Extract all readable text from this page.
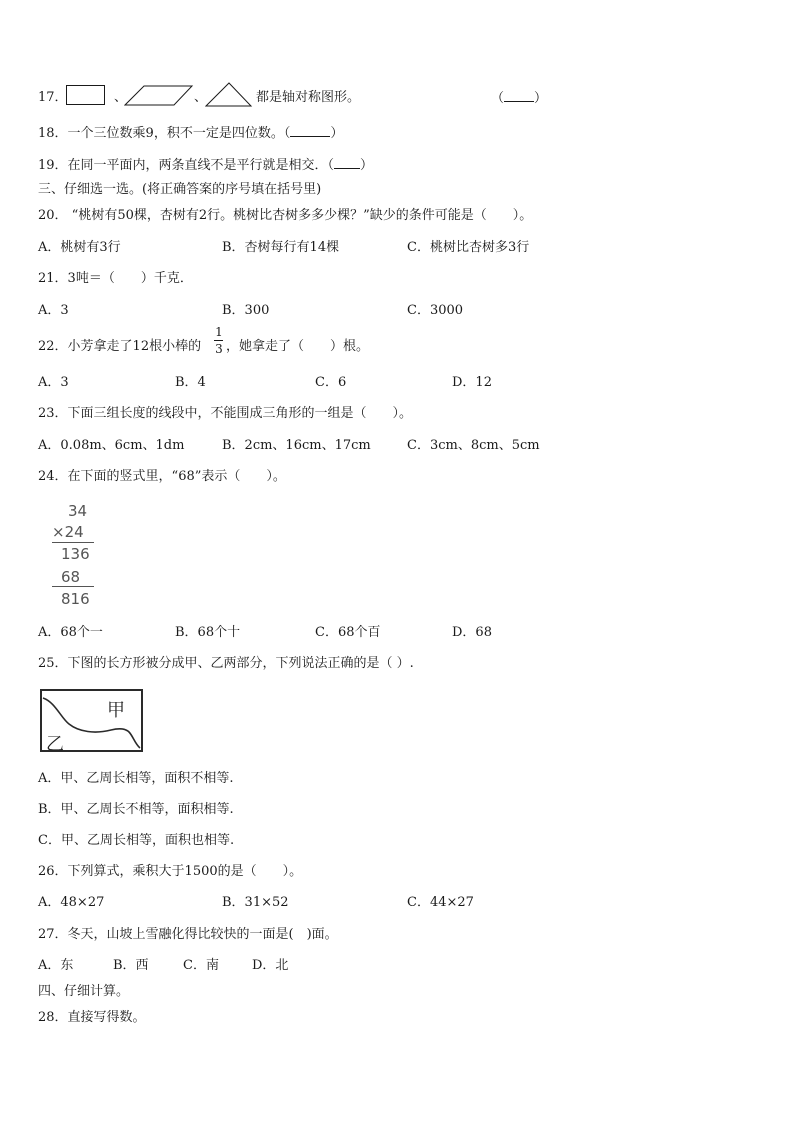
17．	、	、	都是轴对称图形。	（ ）
18．一个三位数乘9，积不一定是四位数。（	）
19．在同一平面内，两条直线不是平行就是相交．（ ）
三、仔细选一选。(将正确答案的序号填在括号里)
20． “桃树有50棵，杏树有2行。桃树比杏树多多少棵？”缺少的条件可能是（　　）。
A．桃树有3行	B．杏树每行有14棵	C．桃树比杏树多3行
21．3吨＝（　　）千克．
A．3	B．300	C．3000
22．小芳拿走了12根小棒的
1
3 ，她拿走了（　　）根。
A．3	B．4	C．6	D．12
23．下面三组长度的线段中，不能围成三角形的一组是（　　）。
A．0.08m、6cm、1dm	B．2cm、16cm、17cm	C．3cm、8cm、5cm
24．在下面的竖式里，“68”表示（　　）。
34
×24
136
68
816
A．68个一	B．68个十	C．68个百	D．68
25．下图的长方形被分成甲、乙两部分，下列说法正确的是（ ）.
甲
乙
A．甲、乙周长相等，面积不相等.
B．甲、乙周长不相等，面积相等.
C．甲、乙周长相等，面积也相等.
26．下列算式，乘积大于1500的是（　　）。
A．48×27	B．31×52	C．44×27
27．冬天，山坡上雪融化得比较快的一面是(　)面。
A．东	B．西	C．南	D．北
四、仔细计算。
28．直接写得数。
